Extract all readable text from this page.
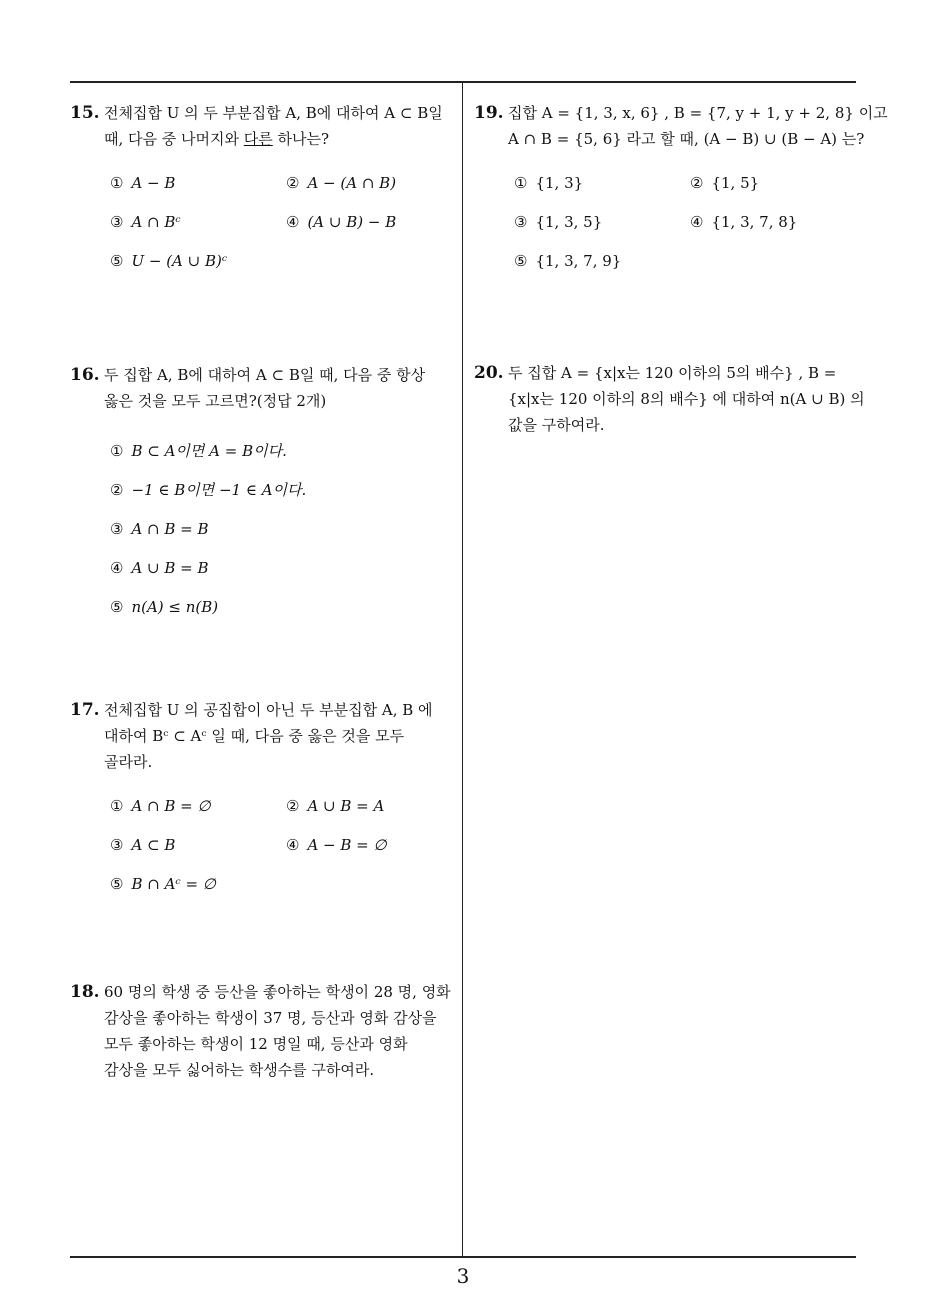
15. 전체집합 U 의 두 부분집합 A, B에 대하여 A ⊂ B일
때, 다음 중 나머지와 다른 하나는?
① A − B	② A − (A ∩ B)
③ A ∩ Bᶜ	④ (A ∪ B) − B
⑤ U − (A ∪ B)ᶜ
16. 두 집합 A, B에 대하여 A ⊂ B일 때, 다음 중 항상
옳은 것을 모두 고르면?(정답 2개)
① B ⊂ A이면 A = B이다.
② −1 ∈ B이면 −1 ∈ A이다.
③ A ∩ B = B
④ A ∪ B = B
⑤ n(A) ≤ n(B)
17. 전체집합 U 의 공집합이 아닌 두 부분집합 A, B 에
대하여 Bᶜ ⊂ Aᶜ 일 때, 다음 중 옳은 것을 모두
골라라.
① A ∩ B = ∅	② A ∪ B = A
③ A ⊂ B	④ A − B = ∅
⑤ B ∩ Aᶜ = ∅
18. 60 명의 학생 중 등산을 좋아하는 학생이 28 명, 영화
감상을 좋아하는 학생이 37 명, 등산과 영화 감상을
모두 좋아하는 학생이 12 명일 때, 등산과 영화
감상을 모두 싫어하는 학생수를 구하여라.
19. 집합 A = {1, 3, x, 6} , B = {7, y + 1, y + 2, 8} 이고
A ∩ B = {5, 6} 라고 할 때, (A − B) ∪ (B − A) 는?
① {1, 3}	② {1, 5}
③ {1, 3, 5}	④ {1, 3, 7, 8}
⑤ {1, 3, 7, 9}
20. 두 집합 A = {x|x는 120 이하의 5의 배수} , B =
{x|x는 120 이하의 8의 배수} 에 대하여 n(A ∪ B) 의
값을 구하여라.
3
